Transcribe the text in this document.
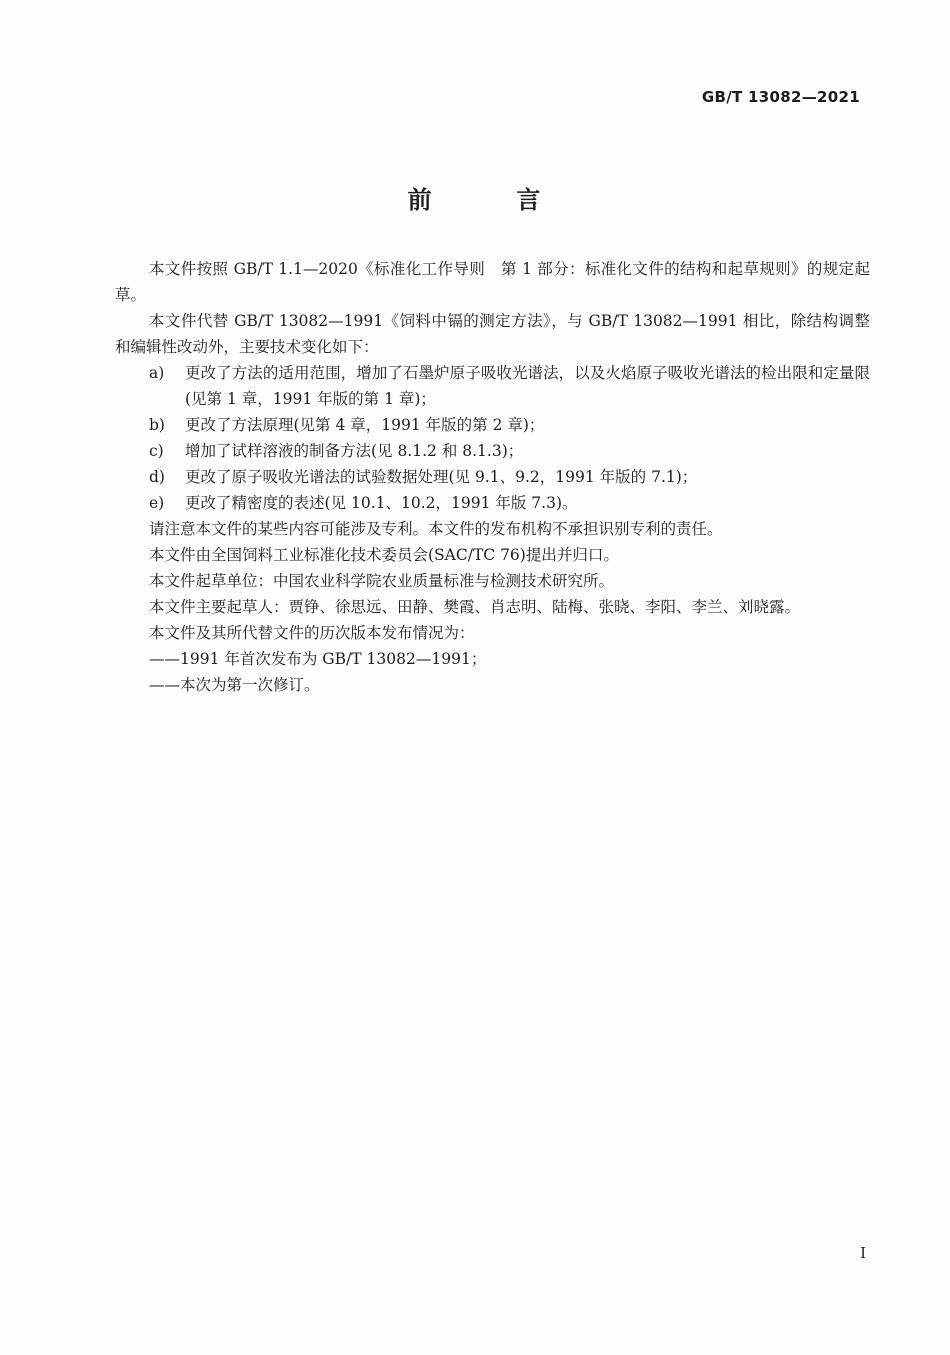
GB/T 13082—2021
前        言

本文件按照 GB/T 1.1—2020《标准化工作导则　第 1 部分：标准化文件的结构和起草规则》的规定起草。

本文件代替 GB/T 13082—1991《饲料中镉的测定方法》，与 GB/T 13082—1991 相比，除结构调整和编辑性改动外，主要技术变化如下：

a)	更改了方法的适用范围，增加了石墨炉原子吸收光谱法，以及火焰原子吸收光谱法的检出限和定量限(见第 1 章，1991 年版的第 1 章)；
b)	更改了方法原理(见第 4 章，1991 年版的第 2 章)；
c)	增加了试样溶液的制备方法(见 8.1.2 和 8.1.3)；
d)	更改了原子吸收光谱法的试验数据处理(见 9.1、9.2，1991 年版的 7.1)；
e)	更改了精密度的表述(见 10.1、10.2，1991 年版 7.3)。

请注意本文件的某些内容可能涉及专利。本文件的发布机构不承担识别专利的责任。

本文件由全国饲料工业标准化技术委员会(SAC/TC 76)提出并归口。

本文件起草单位：中国农业科学院农业质量标准与检测技术研究所。

本文件主要起草人：贾铮、徐思远、田静、樊霞、肖志明、陆梅、张晓、李阳、李兰、刘晓露。

本文件及其所代替文件的历次版本发布情况为：

——1991 年首次发布为 GB/T 13082—1991；

——本次为第一次修订。

I
